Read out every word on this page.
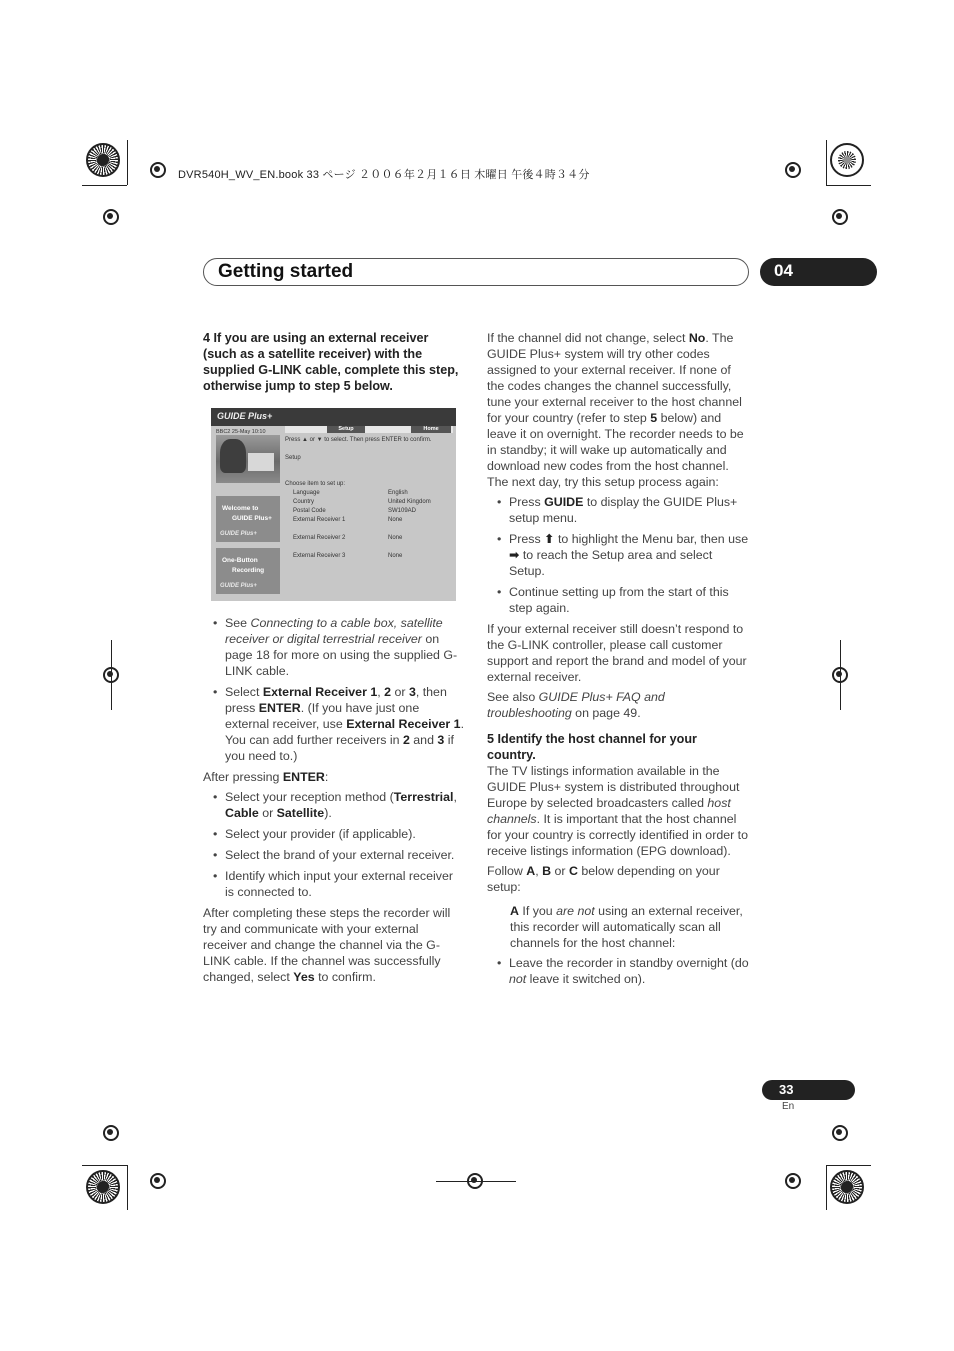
DVR540H_WV_EN.book 33 ページ ２００６年２月１６日 木曜日 午後４時３４分
Getting started	04
4 If you are using an external receiver (such as a satellite receiver) with the supplied G-LINK cable, complete this step, otherwise jump to step 5 below.
GUIDE Plus+
Setup	Home
BBC2 25-May 10:10
Press ▲ or ▼ to select. Then press ENTER to confirm.
Setup
Choose item to set up:
Language	English
Country	United Kingdom
Postal Code	SW109AD
External Receiver 1	None
External Receiver 2	None
External Receiver 3	None
Welcome to
GUIDE Plus+
GUIDE Plus+
One-Button
Recording
GUIDE Plus+
• See Connecting to a cable box, satellite receiver or digital terrestrial receiver on page 18 for more on using the supplied G-LINK cable.
• Select External Receiver 1, 2 or 3, then press ENTER. (If you have just one external receiver, use External Receiver 1. You can add further receivers in 2 and 3 if you need to.)
After pressing ENTER:
• Select your reception method (Terrestrial, Cable or Satellite).
• Select your provider (if applicable).
• Select the brand of your external receiver.
• Identify which input your external receiver is connected to.
After completing these steps the recorder will try and communicate with your external receiver and change the channel via the G-LINK cable. If the channel was successfully changed, select Yes to confirm.
If the channel did not change, select No. The GUIDE Plus+ system will try other codes assigned to your external receiver. If none of the codes changes the channel successfully, tune your external receiver to the host channel for your country (refer to step 5 below) and leave it on overnight. The recorder needs to be in standby; it will wake up automatically and download new codes from the host channel. The next day, try this setup process again:
• Press GUIDE to display the GUIDE Plus+ setup menu.
• Press ⬆ to highlight the Menu bar, then use ➡ to reach the Setup area and select Setup.
• Continue setting up from the start of this step again.
If your external receiver still doesn’t respond to the G-LINK controller, please call customer support and report the brand and model of your external receiver.
See also GUIDE Plus+ FAQ and troubleshooting on page 49.
5 Identify the host channel for your country.
The TV listings information available in the GUIDE Plus+ system is distributed throughout Europe by selected broadcasters called host channels. It is important that the host channel for your country is correctly identified in order to receive listings information (EPG download).
Follow A, B or C below depending on your setup:
A If you are not using an external receiver, this recorder will automatically scan all channels for the host channel:
• Leave the recorder in standby overnight (do not leave it switched on).
33
En
